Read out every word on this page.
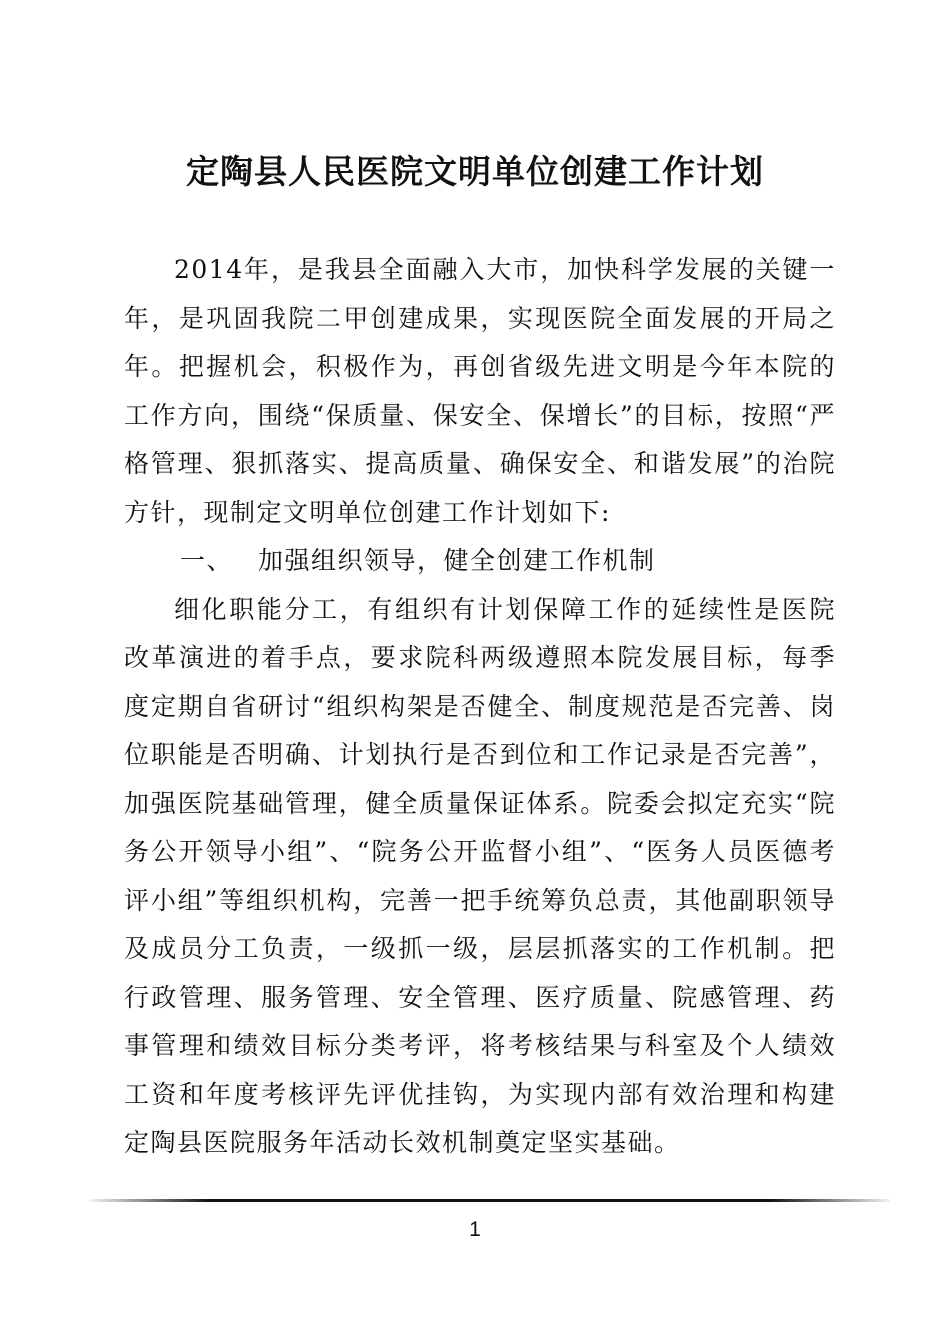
定陶县人民医院文明单位创建工作计划

2014年，是我县全面融入大市，加快科学发展的关键一年，是巩固我院二甲创建成果，实现医院全面发展的开局之年。把握机会，积极作为，再创省级先进文明是今年本院的工作方向，围绕“保质量、保安全、保增长”的目标，按照“严格管理、狠抓落实、提高质量、确保安全、和谐发展”的治院方针，现制定文明单位创建工作计划如下:

一、 加强组织领导，健全创建工作机制

细化职能分工，有组织有计划保障工作的延续性是医院改革演进的着手点，要求院科两级遵照本院发展目标，每季度定期自省研讨“组织构架是否健全、制度规范是否完善、岗位职能是否明确、计划执行是否到位和工作记录是否完善”，加强医院基础管理，健全质量保证体系。院委会拟定充实“院务公开领导小组”、“院务公开监督小组”、“医务人员医德考评小组”等组织机构，完善一把手统筹负总责，其他副职领导及成员分工负责，一级抓一级，层层抓落实的工作机制。把行政管理、服务管理、安全管理、医疗质量、院感管理、药事管理和绩效目标分类考评，将考核结果与科室及个人绩效工资和年度考核评先评优挂钩，为实现内部有效治理和构建定陶县医院服务年活动长效机制奠定坚实基础。

1
